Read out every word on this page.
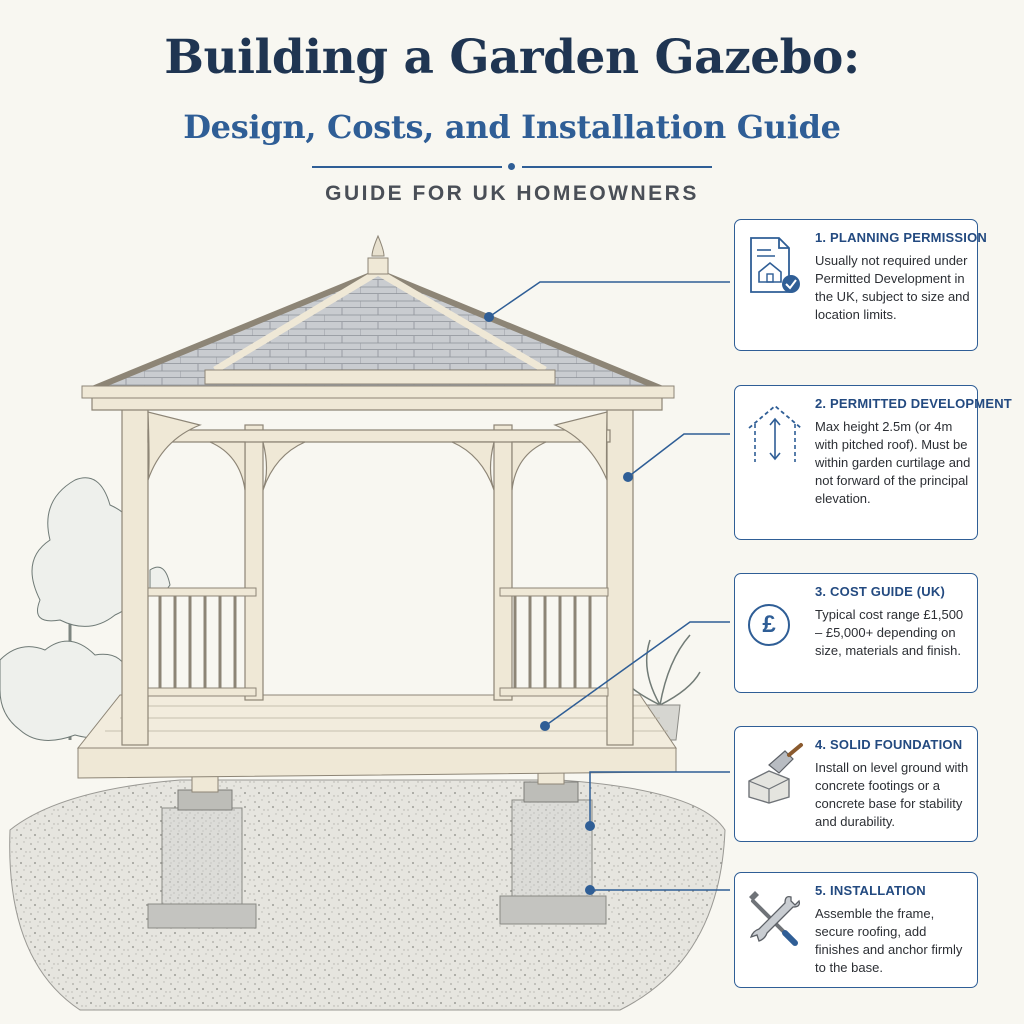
Building a Garden Gazebo:
Design, Costs, and Installation Guide
GUIDE FOR UK HOMEOWNERS
1. PLANNING PERMISSION

Usually not required under Permitted Development in the UK, subject to size and location limits.

2. PERMITTED DEVELOPMENT

Max height 2.5m (or 4m with pitched roof). Must be within garden curtilage and not forward of the principal elevation.

£
3. COST GUIDE (UK)

Typical cost range £1,500 – £5,000+ depending on size, materials and finish.

4. SOLID FOUNDATION

Install on level ground with concrete footings or a concrete base for stability and durability.

5. INSTALLATION

Assemble the frame, secure roofing, add finishes and anchor firmly to the base.
